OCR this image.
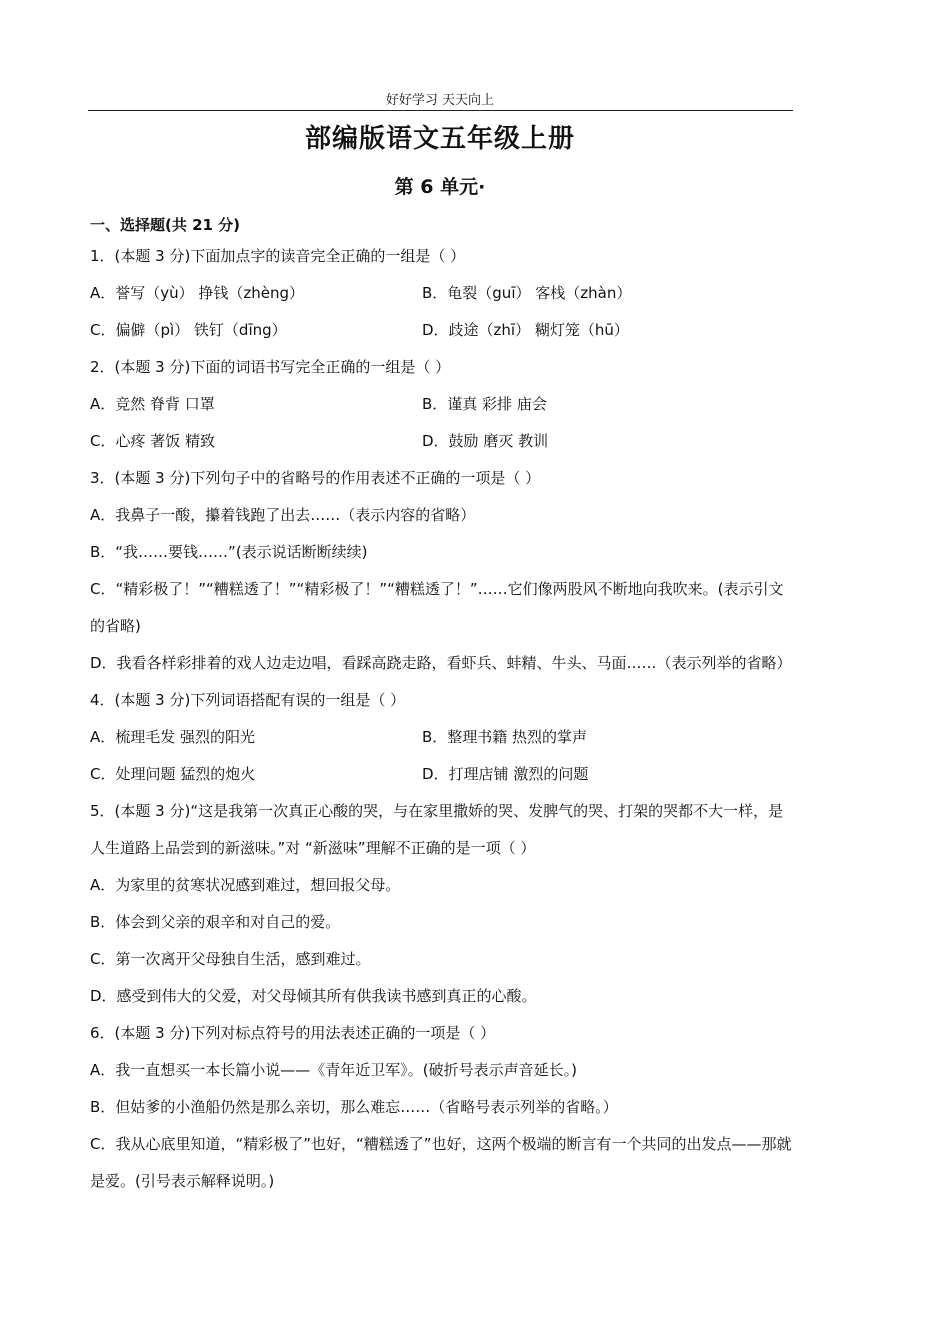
好好学习 天天向上
部编版语文五年级上册
第 6 单元·
一、选择题(共 21 分)
1．(本题 3 分)下面加点字的读音完全正确的一组是（ ）
A．誉写（yù） 挣钱（zhèng）	B．龟裂（guī） 客栈（zhàn）
C．偏僻（pì） 铁钉（dīng）	D．歧途（zhī） 糊灯笼（hū）
2．(本题 3 分)下面的词语书写完全正确的一组是（ ）
A．竞然 脊背 口罩	B．谨真 彩排 庙会
C．心疼 著饭 精致	D．鼓励 磨灭 教训
3．(本题 3 分)下列句子中的省略号的作用表述不正确的一项是（ ）
A．我鼻子一酸，攥着钱跑了出去……（表示内容的省略）
B．“我……要钱……”(表示说话断断续续)
C．“精彩极了！”“糟糕透了！”“精彩极了！”“糟糕透了！”……它们像两股风不断地向我吹来。(表示引文的省略)
D．我看各样彩排着的戏人边走边唱，看踩高跷走路，看虾兵、蚌精、牛头、马面……（表示列举的省略）
4．(本题 3 分)下列词语搭配有误的一组是（ ）
A．梳理毛发 强烈的阳光	B．整理书籍 热烈的掌声
C．处理问题 猛烈的炮火	D．打理店铺 激烈的问题
5．(本题 3 分)“这是我第一次真正心酸的哭，与在家里撒娇的哭、发脾气的哭、打架的哭都不大一样，是人生道路上品尝到的新滋味。”对 “新滋味”理解不正确的是一项（ ）
A．为家里的贫寒状况感到难过，想回报父母。
B．体会到父亲的艰辛和对自己的爱。
C．第一次离开父母独自生活，感到难过。
D．感受到伟大的父爱，对父母倾其所有供我读书感到真正的心酸。
6．(本题 3 分)下列对标点符号的用法表述正确的一项是（ ）
A．我一直想买一本长篇小说——《青年近卫军》。(破折号表示声音延长。)
B．但姑爹的小渔船仍然是那么亲切，那么难忘……（省略号表示列举的省略。）
C．我从心底里知道，“精彩极了”也好，“糟糕透了”也好，这两个极端的断言有一个共同的出发点——那就是爱。(引号表示解释说明。)
